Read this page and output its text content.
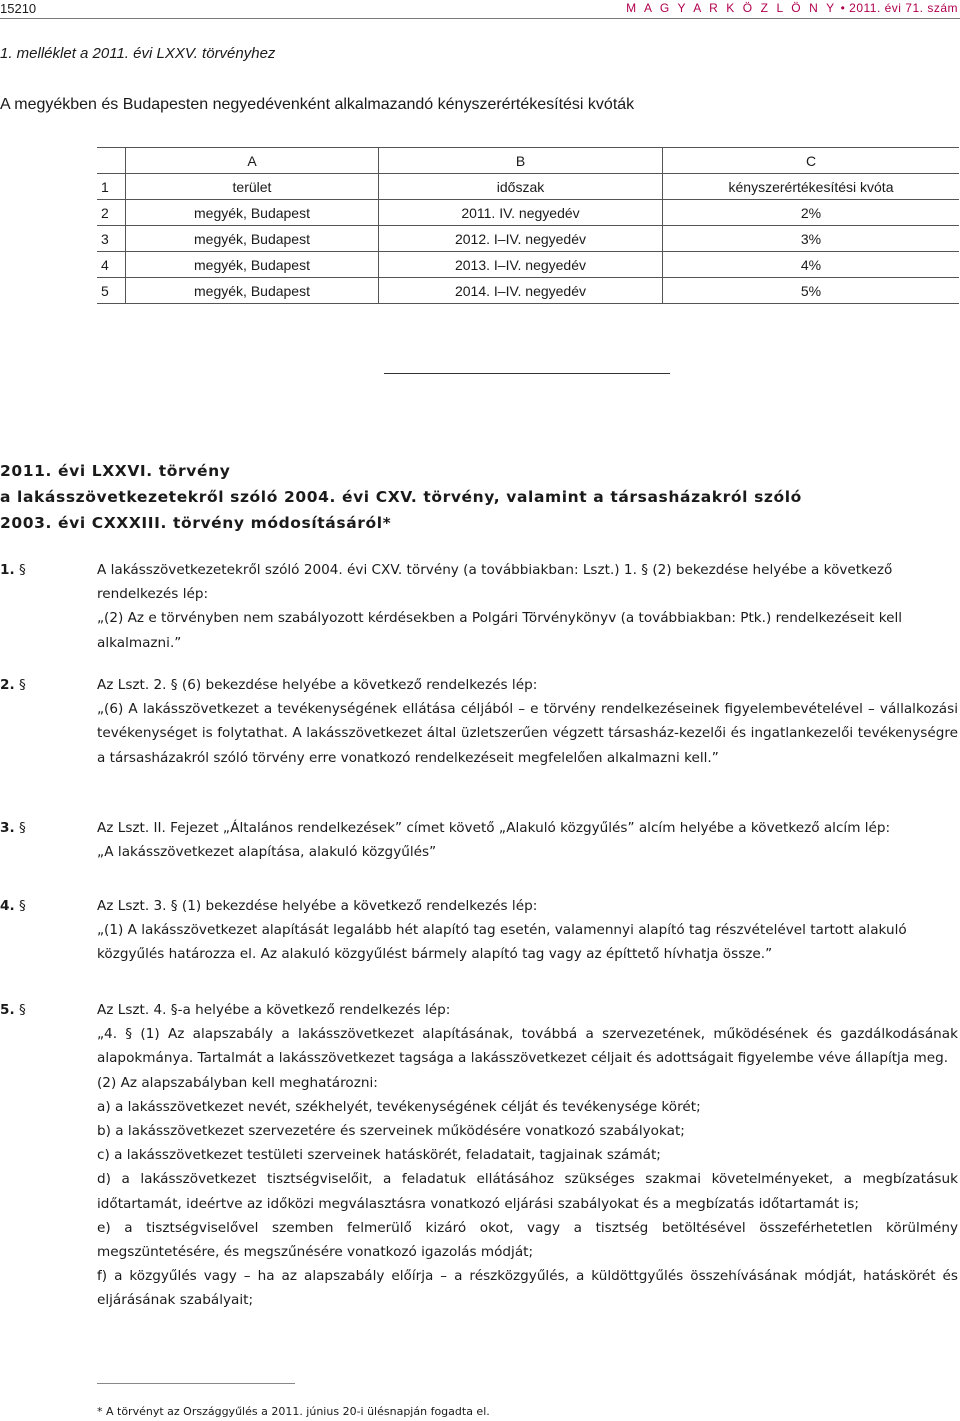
15210	M A G Y A R K Ö Z L Ö N Y • 2011. évi 71. szám
1. melléklet a 2011. évi LXXV. törvényhez
A megyékben és Budapesten negyedévenként alkalmazandó kényszerértékesítési kvóták
	A	B	C
1	terület	időszak	kényszerértékesítési kvóta
2	megyék, Budapest	2011. IV. negyedév	2%
3	megyék, Budapest	2012. I–IV. negyedév	3%
4	megyék, Budapest	2013. I–IV. negyedév	4%
5	megyék, Budapest	2014. I–IV. negyedév	5%
2011. évi LXXVI. törvény
a lakásszövetkezetekről szóló 2004. évi CXV. törvény, valamint a társasházakról szóló
2003. évi CXXXIII. törvény módosításáról*
1. §	A lakásszövetkezetekről szóló 2004. évi CXV. törvény (a továbbiakban: Lszt.) 1. § (2) bekezdése helyébe a következő rendelkezés lép:

„(2) Az e törvényben nem szabályozott kérdésekben a Polgári Törvénykönyv (a továbbiakban: Ptk.) rendelkezéseit kell alkalmazni.”

2. §	Az Lszt. 2. § (6) bekezdése helyébe a következő rendelkezés lép:

„(6) A lakásszövetkezet a tevékenységének ellátása céljából – e törvény rendelkezéseinek figyelembevételével – vállalkozási tevékenységet is folytathat. A lakásszövetkezet által üzletszerűen végzett társasház-kezelői és ingatlankezelői tevékenységre a társasházakról szóló törvény erre vonatkozó rendelkezéseit megfelelően alkalmazni kell.”

3. §	Az Lszt. II. Fejezet „Általános rendelkezések” címet követő „Alakuló közgyűlés” alcím helyébe a következő alcím lép:

„A lakásszövetkezet alapítása, alakuló közgyűlés”

4. §	Az Lszt. 3. § (1) bekezdése helyébe a következő rendelkezés lép:

„(1) A lakásszövetkezet alapítását legalább hét alapító tag esetén, valamennyi alapító tag részvételével tartott alakuló közgyűlés határozza el. Az alakuló közgyűlést bármely alapító tag vagy az építtető hívhatja össze.”

5. §	Az Lszt. 4. §-a helyébe a következő rendelkezés lép:

„4. § (1) Az alapszabály a lakásszövetkezet alapításának, továbbá a szervezetének, működésének és gazdálkodásának alapokmánya. Tartalmát a lakásszövetkezet tagsága a lakásszövetkezet céljait és adottságait figyelembe véve állapítja meg.

(2) Az alapszabályban kell meghatározni:

a) a lakásszövetkezet nevét, székhelyét, tevékenységének célját és tevékenysége körét;

b) a lakásszövetkezet szervezetére és szerveinek működésére vonatkozó szabályokat;

c) a lakásszövetkezet testületi szerveinek hatáskörét, feladatait, tagjainak számát;

d) a lakásszövetkezet tisztségviselőit, a feladatuk ellátásához szükséges szakmai követelményeket, a megbízatásuk időtartamát, ideértve az időközi megválasztásra vonatkozó eljárási szabályokat és a megbízatás időtartamát is;

e) a tisztségviselővel szemben felmerülő kizáró okot, vagy a tisztség betöltésével összeférhetetlen körülmény megszüntetésére, és megszűnésére vonatkozó igazolás módját;

f) a közgyűlés vagy – ha az alapszabály előírja – a részközgyűlés, a küldöttgyűlés összehívásának módját, hatáskörét és eljárásának szabályait;

* A törvényt az Országgyűlés a 2011. június 20-i ülésnapján fogadta el.
